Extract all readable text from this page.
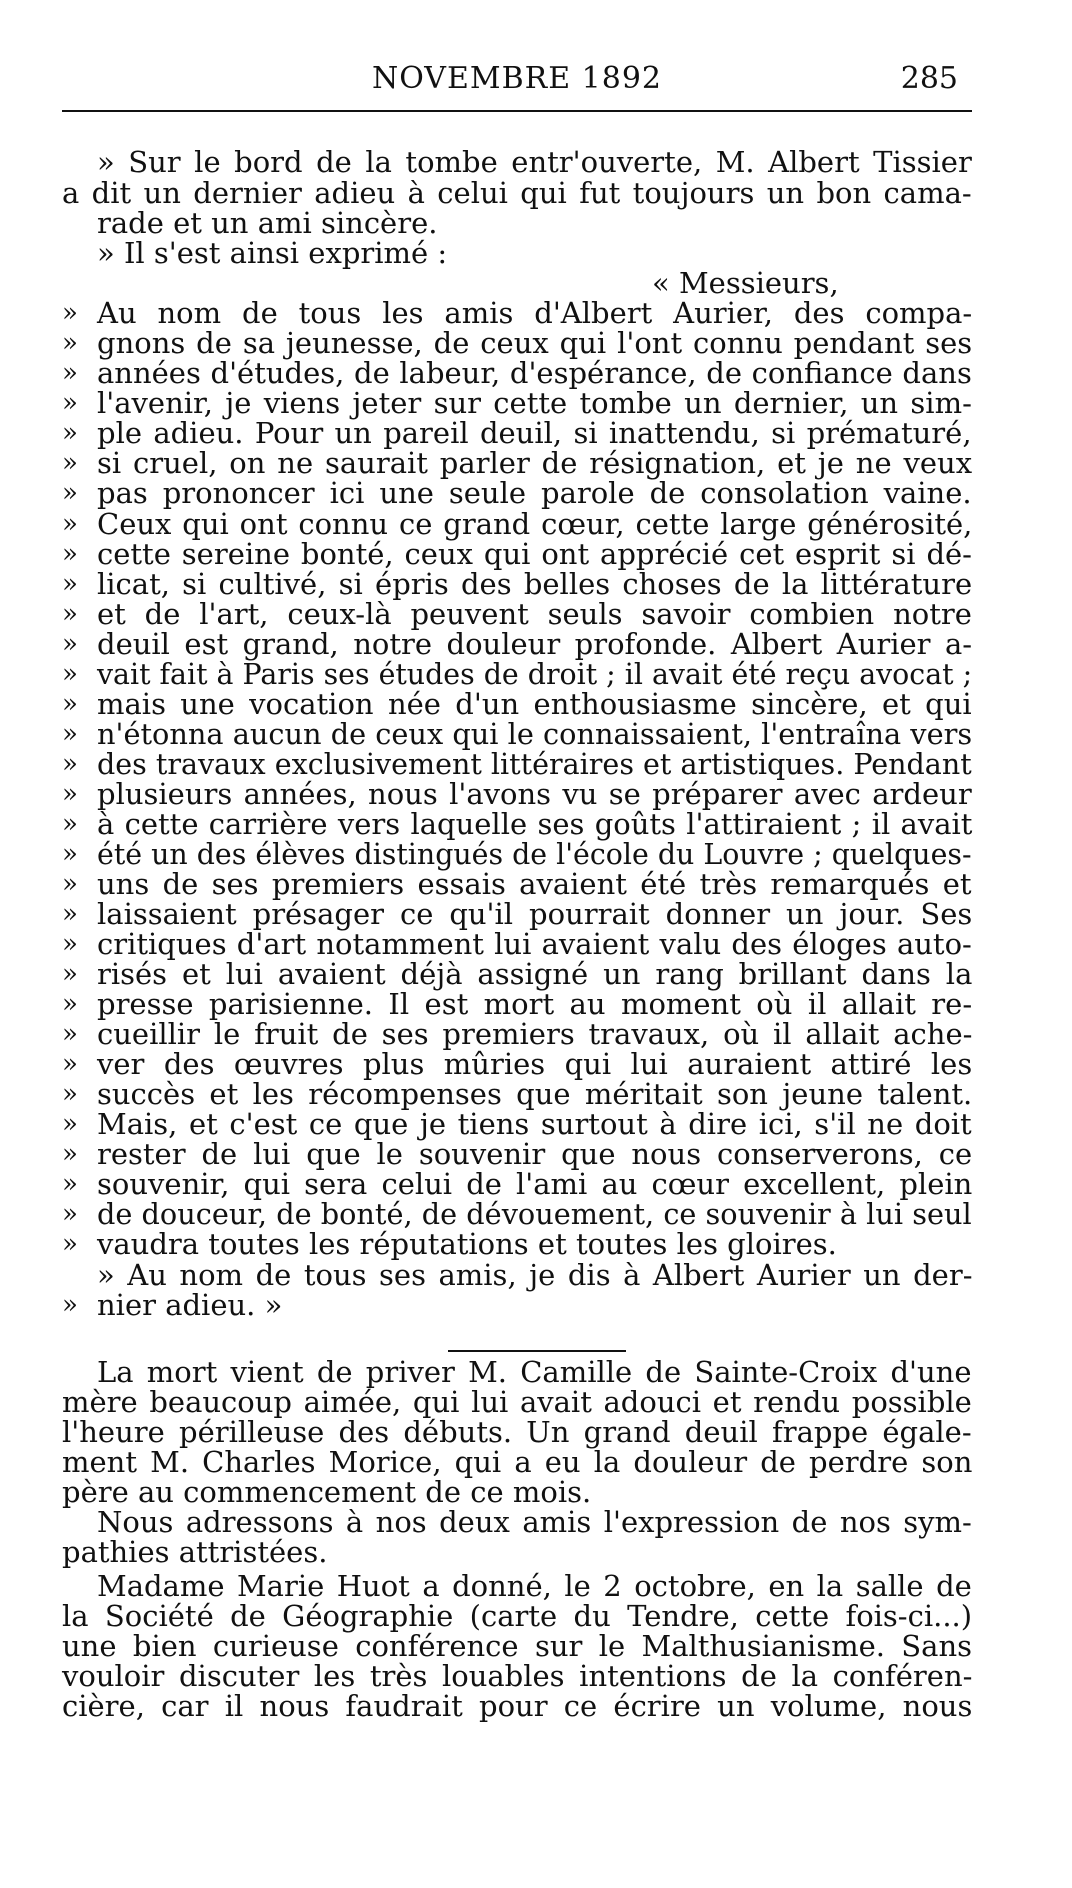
NOVEMBRE 1892	285
» Sur le bord de la tombe entr'ouverte, M. Albert Tissier
a dit un dernier adieu à celui qui fut toujours un bon cama-
rade et un ami sincère.
» Il s'est ainsi exprimé :
« Messieurs,
» Au nom de tous les amis d'Albert Aurier, des compa-
» gnons de sa jeunesse, de ceux qui l'ont connu pendant ses
» années d'études, de labeur, d'espérance, de confiance dans
» l'avenir, je viens jeter sur cette tombe un dernier, un sim-
» ple adieu. Pour un pareil deuil, si inattendu, si prématuré,
» si cruel, on ne saurait parler de résignation, et je ne veux
» pas prononcer ici une seule parole de consolation vaine.
» Ceux qui ont connu ce grand cœur, cette large générosité,
» cette sereine bonté, ceux qui ont apprécié cet esprit si dé-
» licat, si cultivé, si épris des belles choses de la littérature
» et de l'art, ceux-là peuvent seuls savoir combien notre
» deuil est grand, notre douleur profonde. Albert Aurier a-
» vait fait à Paris ses études de droit ; il avait été reçu avocat ;
» mais une vocation née d'un enthousiasme sincère, et qui
» n'étonna aucun de ceux qui le connaissaient, l'entraîna vers
» des travaux exclusivement littéraires et artistiques. Pendant
» plusieurs années, nous l'avons vu se préparer avec ardeur
» à cette carrière vers laquelle ses goûts l'attiraient ; il avait
» été un des élèves distingués de l'école du Louvre ; quelques-
» uns de ses premiers essais avaient été très remarqués et
» laissaient présager ce qu'il pourrait donner un jour. Ses
» critiques d'art notamment lui avaient valu des éloges auto-
» risés et lui avaient déjà assigné un rang brillant dans la
» presse parisienne. Il est mort au moment où il allait re-
» cueillir le fruit de ses premiers travaux, où il allait ache-
» ver des œuvres plus mûries qui lui auraient attiré les
» succès et les récompenses que méritait son jeune talent.
» Mais, et c'est ce que je tiens surtout à dire ici, s'il ne doit
» rester de lui que le souvenir que nous conserverons, ce
» souvenir, qui sera celui de l'ami au cœur excellent, plein
» de douceur, de bonté, de dévouement, ce souvenir à lui seul
» vaudra toutes les réputations et toutes les gloires.
» Au nom de tous ses amis, je dis à Albert Aurier un der-
» nier adieu. »
La mort vient de priver M. Camille de Sainte-Croix d'une
mère beaucoup aimée, qui lui avait adouci et rendu possible
l'heure périlleuse des débuts. Un grand deuil frappe égale-
ment M. Charles Morice, qui a eu la douleur de perdre son
père au commencement de ce mois.
Nous adressons à nos deux amis l'expression de nos sym-
pathies attristées.
Madame Marie Huot a donné, le 2 octobre, en la salle de
la Société de Géographie (carte du Tendre, cette fois-ci...)
une bien curieuse conférence sur le Malthusianisme. Sans
vouloir discuter les très louables intentions de la conféren-
cière, car il nous faudrait pour ce écrire un volume, nous
